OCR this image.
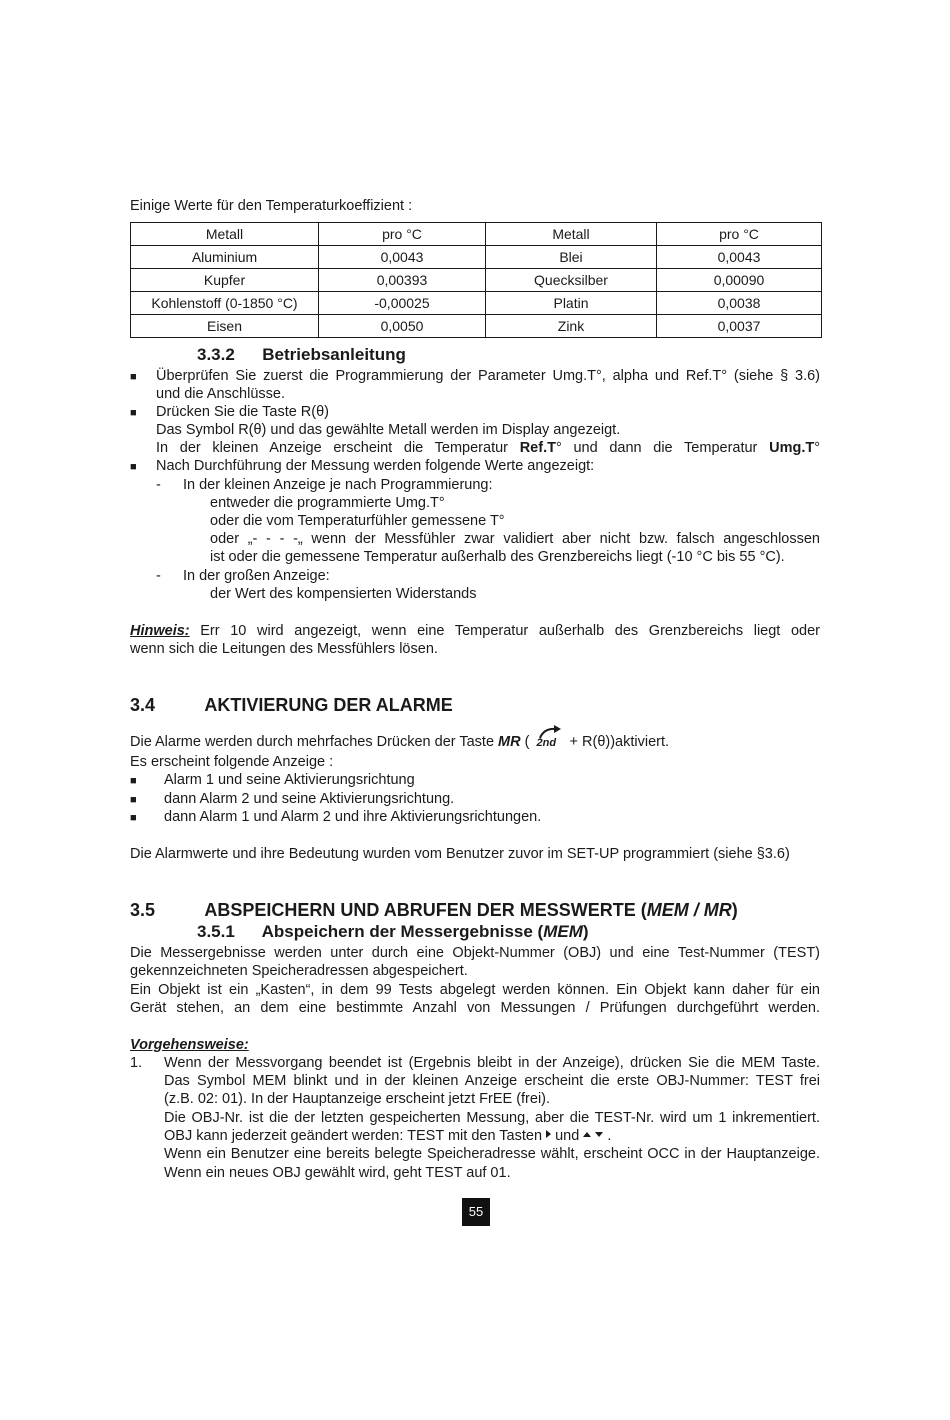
Einige Werte für den Temperaturkoeffizient :
Metall	pro °C	Metall	pro °C
Aluminium	0,0043	Blei	0,0043
Kupfer	0,00393	Quecksilber	0,00090
Kohlenstoff (0-1850 °C)	-0,00025	Platin	0,0038
Eisen	0,0050	Zink	0,0037
3.3.2 Betriebsanleitung
■ Überprüfen Sie zuerst die Programmierung der Parameter Umg.T°, alpha und Ref.T° (siehe § 3.6)
und die Anschlüsse.
■ Drücken Sie die Taste R(θ)
Das Symbol R(θ) und das gewählte Metall werden im Display angezeigt.
In der kleinen Anzeige erscheint die Temperatur Ref.T° und dann die Temperatur Umg.T°
■ Nach Durchführung der Messung werden folgende Werte angezeigt:
- In der kleinen Anzeige je nach Programmierung:
entweder die programmierte Umg.T°
oder die vom Temperaturfühler gemessene T°
oder „- - - -„ wenn der Messfühler zwar validiert aber nicht bzw. falsch angeschlossen
ist oder die gemessene Temperatur außerhalb des Grenzbereichs liegt (-10 °C bis 55 °C).
- In der großen Anzeige:
der Wert des kompensierten Widerstands
Hinweis: Err 10 wird angezeigt, wenn eine Temperatur außerhalb des Grenzbereichs liegt oder
wenn sich die Leitungen des Messfühlers lösen.
3.4	AKTIVIERUNG DER ALARME
Die Alarme werden durch mehrfaches Drücken der Taste MR ( 2nd + R(θ))aktiviert.
Es erscheint folgende Anzeige :
■ Alarm 1 und seine Aktivierungsrichtung
■ dann Alarm 2 und seine Aktivierungsrichtung.
■ dann Alarm 1 und Alarm 2 und ihre Aktivierungsrichtungen.
Die Alarmwerte und ihre Bedeutung wurden vom Benutzer zuvor im SET-UP programmiert (siehe §3.6)
3.5	ABSPEICHERN UND ABRUFEN DER MESSWERTE (MEM / MR)
3.5.1 Abspeichern der Messergebnisse (MEM)
Die Messergebnisse werden unter durch eine Objekt-Nummer (OBJ) und eine Test-Nummer (TEST)
gekennzeichneten Speicheradressen abgespeichert.
Ein Objekt ist ein „Kasten“, in dem 99 Tests abgelegt werden können. Ein Objekt kann daher für ein
Gerät stehen, an dem eine bestimmte Anzahl von Messungen / Prüfungen durchgeführt werden.
Vorgehensweise:
1. Wenn der Messvorgang beendet ist (Ergebnis bleibt in der Anzeige), drücken Sie die MEM Taste.
Das Symbol MEM blinkt und in der kleinen Anzeige erscheint die erste OBJ-Nummer: TEST frei
(z.B. 02: 01). In der Hauptanzeige erscheint jetzt FrEE (frei).
Die OBJ-Nr. ist die der letzten gespeicherten Messung, aber die TEST-Nr. wird um 1 inkrementiert.
OBJ kann jederzeit geändert werden: TEST mit den Tasten  und  .
Wenn ein Benutzer eine bereits belegte Speicheradresse wählt, erscheint OCC in der Hauptanzeige.
Wenn ein neues OBJ gewählt wird, geht TEST auf 01.
55
